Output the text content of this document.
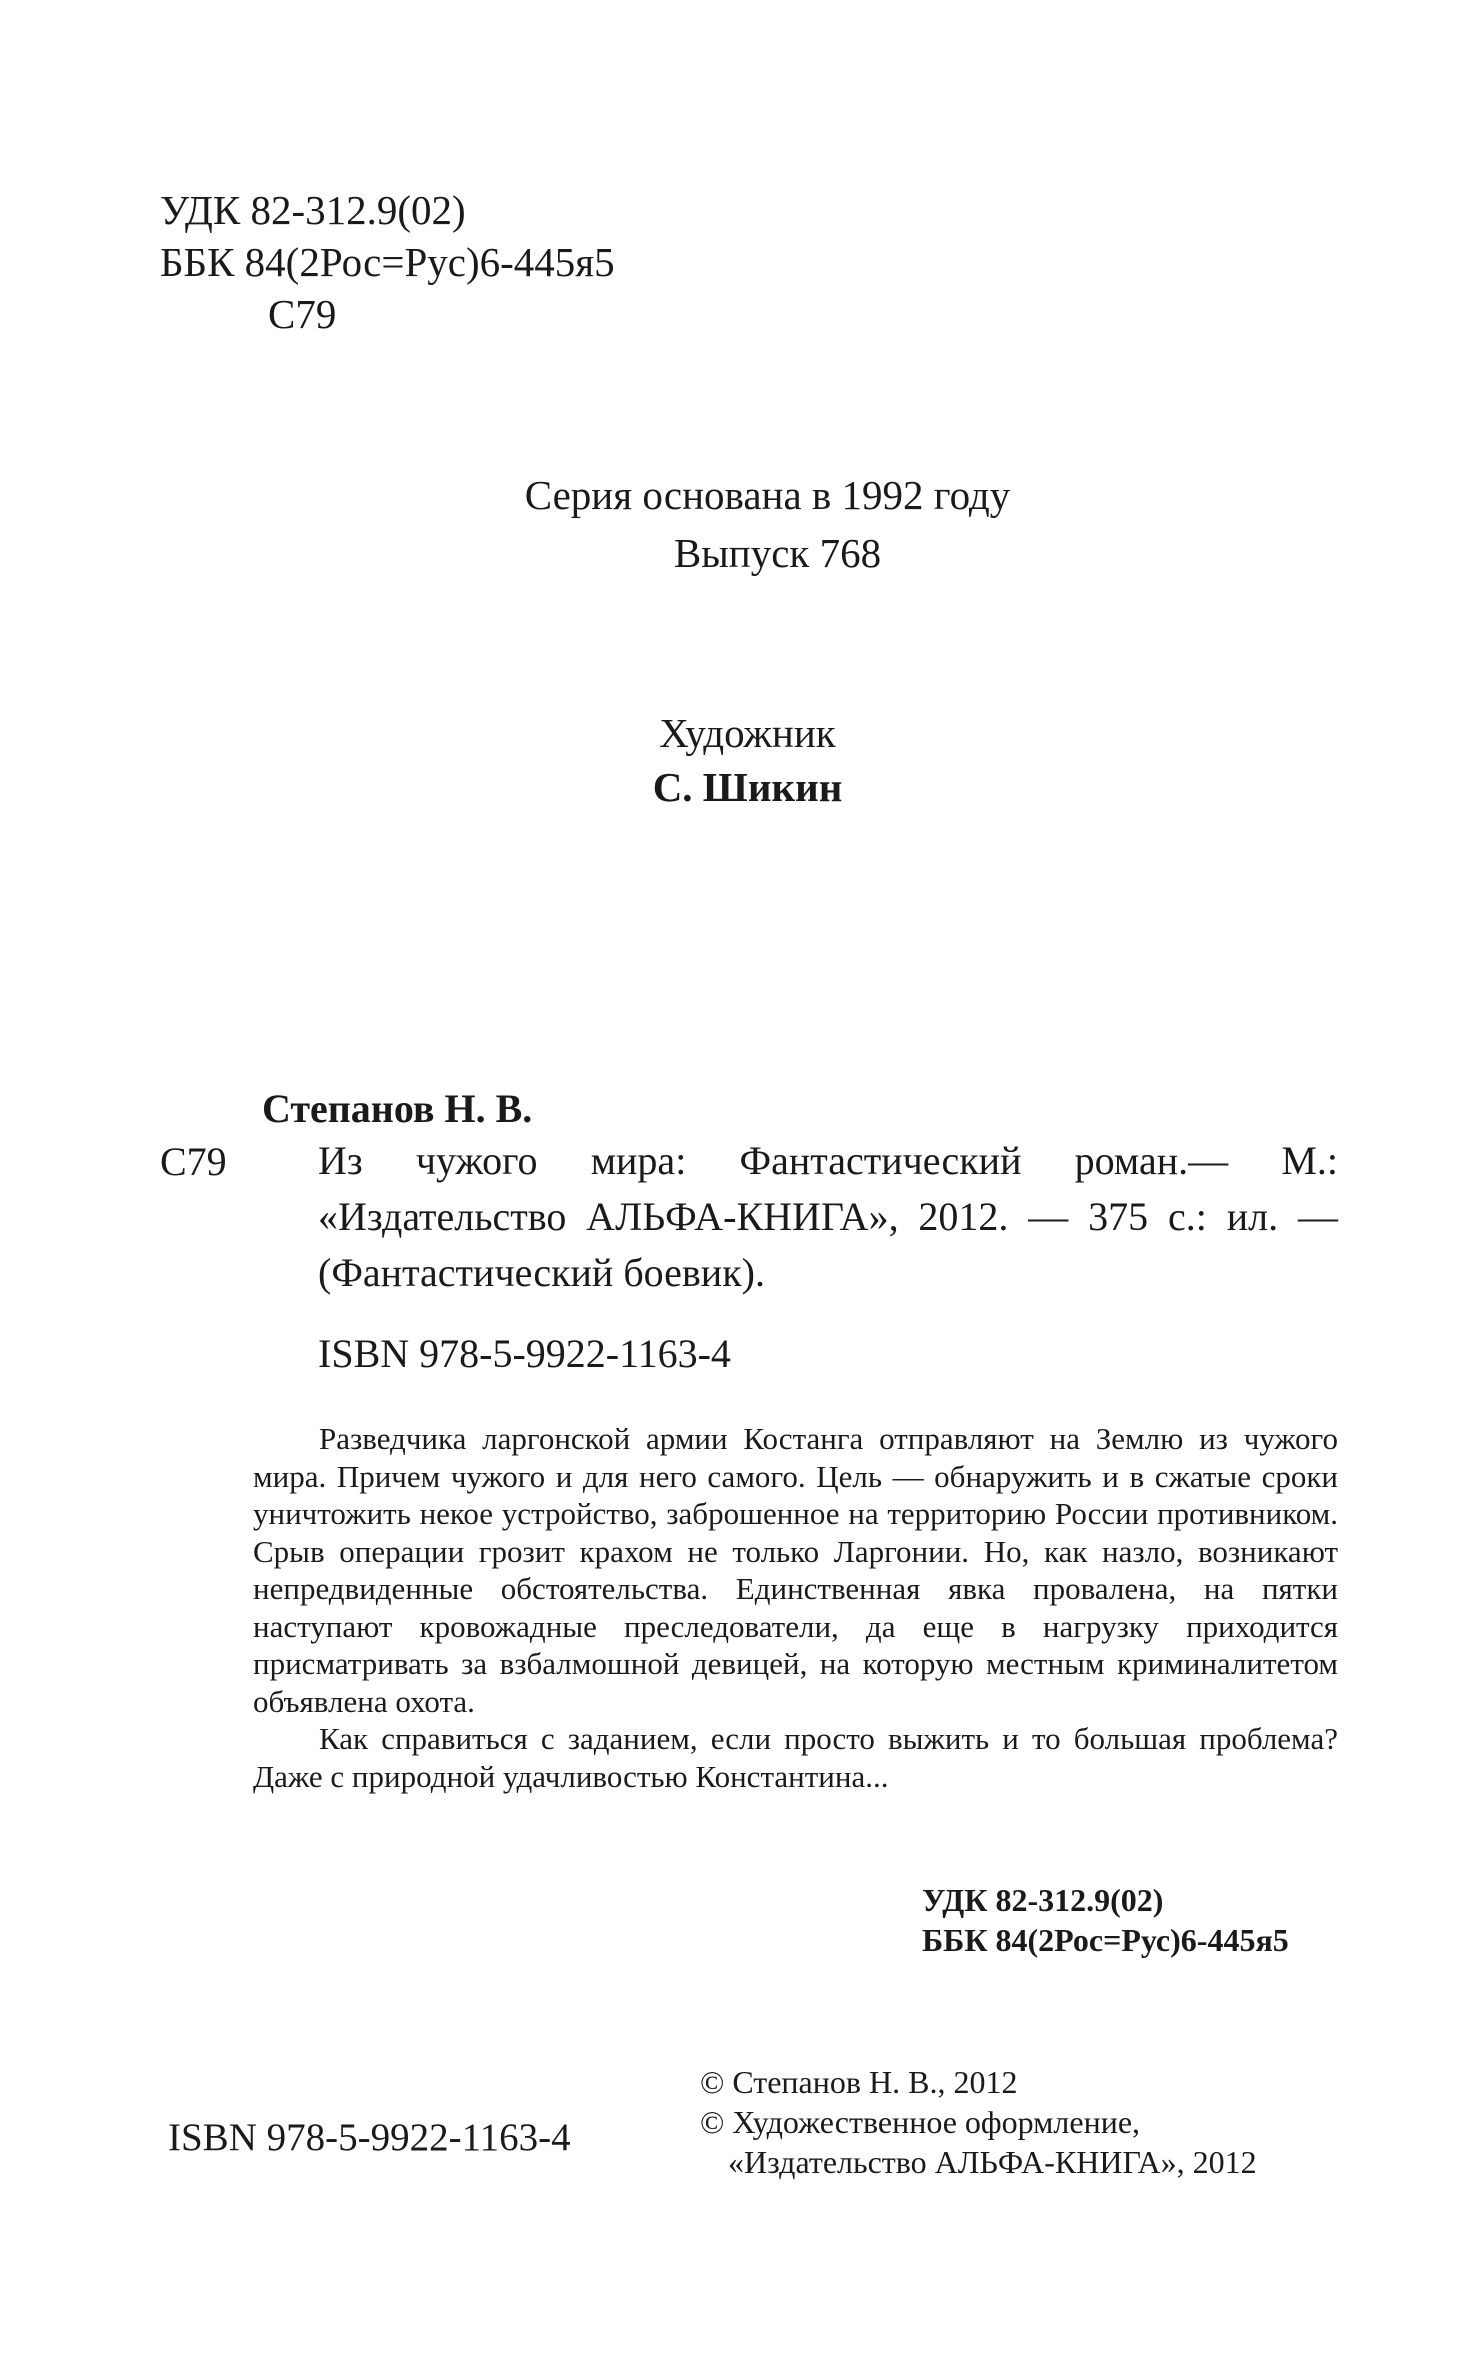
УДК 82-312.9(02)
ББК 84(2Рос=Рус)6-445я5
С79
Серия основана в 1992 году
Выпуск 768
Художник
С. Шикин
Степанов Н. В.
С79 Из чужого мира: Фантастический роман.— М.: «Издательство АЛЬФА-КНИГА», 2012. — 375 с.: ил. — (Фантастический боевик).

ISBN 978-5-9922-1163-4

Разведчика ларгонской армии Костанга отправляют на Землю из чужого мира. Причем чужого и для него самого. Цель — обнаружить и в сжатые сроки уничтожить некое устройство, заброшенное на территорию России противником. Срыв операции грозит крахом не только Ларгонии. Но, как назло, возникают непредвиденные обстоятельства. Единственная явка провалена, на пятки наступают кровожадные преследователи, да еще в нагрузку приходится присматривать за взбалмошной девицей, на которую местным криминалитетом объявлена охота.

Как справиться с заданием, если просто выжить и то большая проблема? Даже с природной удачливостью Константина...

УДК 82-312.9(02)
ББК 84(2Рос=Рус)6-445я5
© Степанов Н. В., 2012
© Художественное оформление,
«Издательство АЛЬФА-КНИГА», 2012
ISBN 978-5-9922-1163-4
